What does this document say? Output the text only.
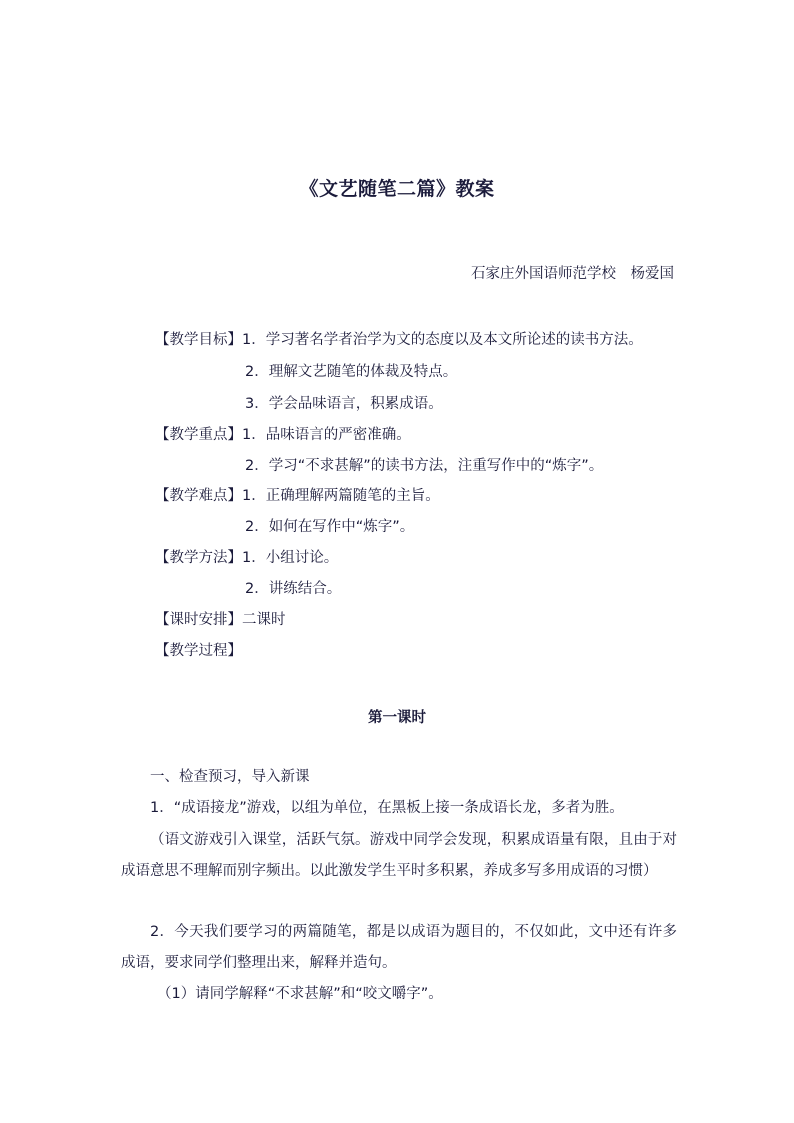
《文艺随笔二篇》教案
石家庄外国语师范学校　杨爱国
【教学目标】1．学习著名学者治学为文的态度以及本文所论述的读书方法。
2．理解文艺随笔的体裁及特点。
3．学会品味语言，积累成语。
【教学重点】1．品味语言的严密准确。
2．学习“不求甚解”的读书方法，注重写作中的“炼字”。
【教学难点】1．正确理解两篇随笔的主旨。
2．如何在写作中“炼字”。
【教学方法】1．小组讨论。
2．讲练结合。
【课时安排】二课时
【教学过程】
第一课时
一、检查预习，导入新课
1．“成语接龙”游戏，以组为单位，在黑板上接一条成语长龙，多者为胜。
（语文游戏引入课堂，活跃气氛。游戏中同学会发现，积累成语量有限，且由于对成语意思不理解而别字频出。以此激发学生平时多积累，养成多写多用成语的习惯）
2．今天我们要学习的两篇随笔，都是以成语为题目的，不仅如此，文中还有许多成语，要求同学们整理出来，解释并造句。
（1）请同学解释“不求甚解”和“咬文嚼字”。
